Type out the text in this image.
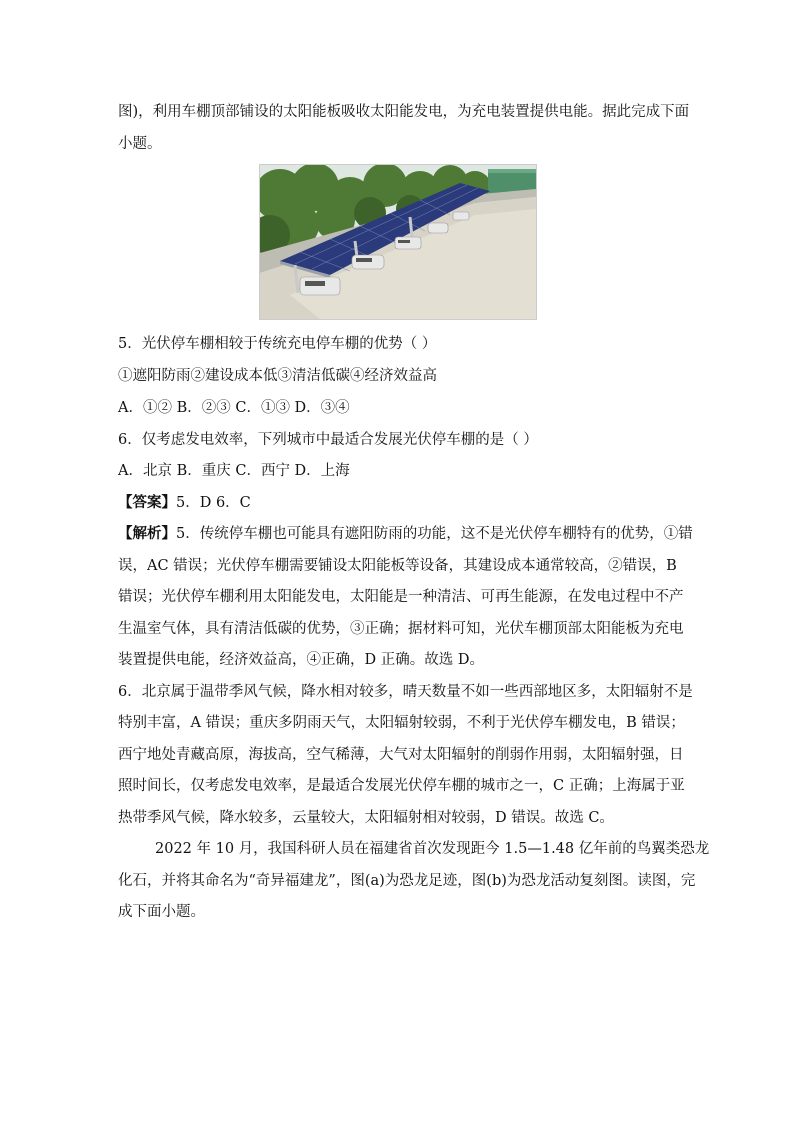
图)，利用车棚顶部铺设的太阳能板吸收太阳能发电，为充电装置提供电能。据此完成下面
小题。
5．光伏停车棚相较于传统充电停车棚的优势（ ）
①遮阳防雨②建设成本低③清洁低碳④经济效益高
A．①② B．②③ C．①③ D．③④
6．仅考虑发电效率，下列城市中最适合发展光伏停车棚的是（ ）
A．北京 B．重庆 C．西宁 D．上海
【答案】5．D 6．C
【解析】5．传统停车棚也可能具有遮阳防雨的功能，这不是光伏停车棚特有的优势，①错
误，AC 错误；光伏停车棚需要铺设太阳能板等设备，其建设成本通常较高，②错误，B
错误；光伏停车棚利用太阳能发电，太阳能是一种清洁、可再生能源，在发电过程中不产
生温室气体，具有清洁低碳的优势，③正确；据材料可知，光伏车棚顶部太阳能板为充电
装置提供电能，经济效益高，④正确，D 正确。故选 D。
6．北京属于温带季风气候，降水相对较多，晴天数量不如一些西部地区多，太阳辐射不是
特别丰富，A 错误；重庆多阴雨天气，太阳辐射较弱，不利于光伏停车棚发电，B 错误；
西宁地处青藏高原，海拔高，空气稀薄，大气对太阳辐射的削弱作用弱，太阳辐射强，日
照时间长，仅考虑发电效率，是最适合发展光伏停车棚的城市之一，C 正确；上海属于亚
热带季风气候，降水较多，云量较大，太阳辐射相对较弱，D 错误。故选 C。
2022 年 10 月，我国科研人员在福建省首次发现距今 1.5—1.48 亿年前的鸟翼类恐龙
化石，并将其命名为“奇异福建龙”，图(a)为恐龙足迹，图(b)为恐龙活动复刻图。读图，完
成下面小题。
